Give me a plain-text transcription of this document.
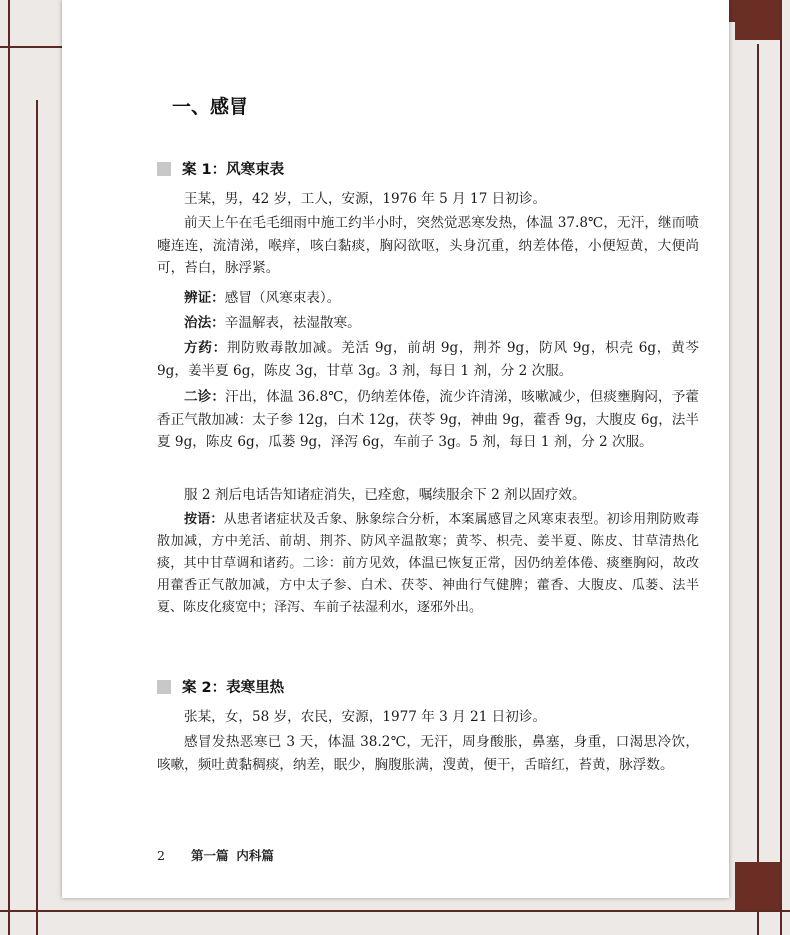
一、感冒
案 1：风寒束表
王某，男，42 岁，工人，安源，1976 年 5 月 17 日初诊。
前天上午在毛毛细雨中施工约半小时，突然觉恶寒发热，体温 37.8℃，无汗，继而喷嚏连连，流清涕，喉痒，咳白黏痰，胸闷欲呕，头身沉重，纳差体倦，小便短黄，大便尚可，苔白，脉浮紧。
辨证：感冒（风寒束表）。
治法：辛温解表，祛湿散寒。
方药：荆防败毒散加减。羌活 9g，前胡 9g，荆芥 9g，防风 9g，枳壳 6g，黄芩 9g，姜半夏 6g，陈皮 3g，甘草 3g。3 剂，每日 1 剂，分 2 次服。
二诊：汗出，体温 36.8℃，仍纳差体倦，流少许清涕，咳嗽减少，但痰壅胸闷，予藿香正气散加减：太子参 12g，白术 12g，茯苓 9g，神曲 9g，藿香 9g，大腹皮 6g，法半夏 9g，陈皮 6g，瓜蒌 9g，泽泻 6g，车前子 3g。5 剂，每日 1 剂，分 2 次服。
服 2 剂后电话告知诸症消失，已痊愈，嘱续服余下 2 剂以固疗效。
按语：从患者诸症状及舌象、脉象综合分析，本案属感冒之风寒束表型。初诊用荆防败毒散加减，方中羌活、前胡、荆芥、防风辛温散寒；黄芩、枳壳、姜半夏、陈皮、甘草清热化痰，其中甘草调和诸药。二诊：前方见效，体温已恢复正常，因仍纳差体倦、痰壅胸闷，故改用藿香正气散加减，方中太子参、白术、茯苓、神曲行气健脾；藿香、大腹皮、瓜蒌、法半夏、陈皮化痰宽中；泽泻、车前子祛湿利水，逐邪外出。
案 2：表寒里热
张某，女，58 岁，农民，安源，1977 年 3 月 21 日初诊。
感冒发热恶寒已 3 天，体温 38.2℃，无汗，周身酸胀，鼻塞，身重，口渴思冷饮，咳嗽，频吐黄黏稠痰，纳差，眠少，胸腹胀满，溲黄，便干，舌暗红，苔黄，脉浮数。
2 第一篇 内科篇
